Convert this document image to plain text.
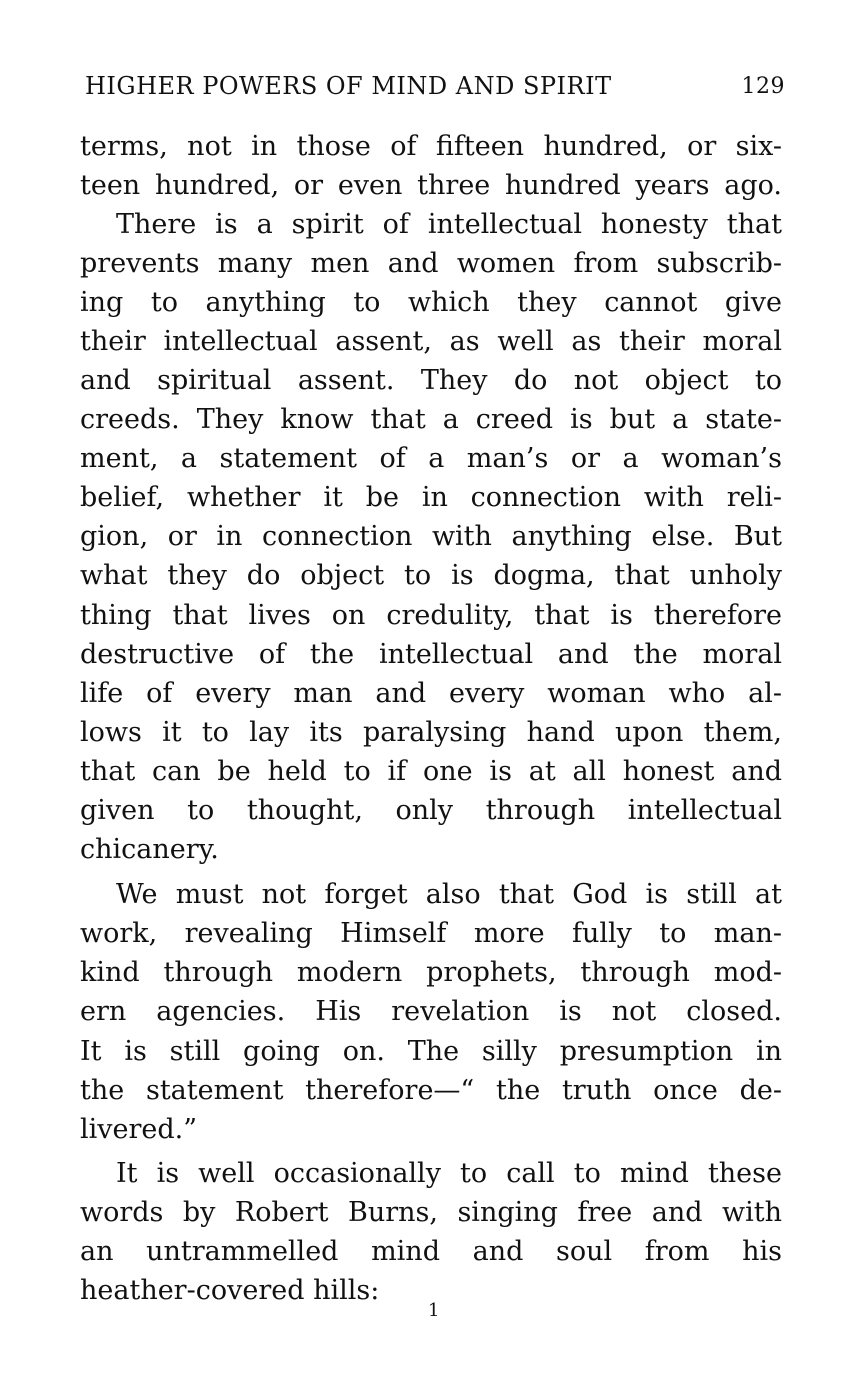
HIGHER POWERS OF MIND AND SPIRIT	129
terms, not in those of fifteen hundred, or six-
teen hundred, or even three hundred years ago.
There is a spirit of intellectual honesty that
prevents many men and women from subscrib-
ing to anything to which they cannot give
their intellectual assent, as well as their moral
and spiritual assent. They do not object to
creeds. They know that a creed is but a state-
ment, a statement of a man’s or a woman’s
belief, whether it be in connection with reli-
gion, or in connection with anything else. But
what they do object to is dogma, that unholy
thing that lives on credulity, that is therefore
destructive of the intellectual and the moral
life of every man and every woman who al-
lows it to lay its paralysing hand upon them,
that can be held to if one is at all honest and
given to thought, only through intellectual
chicanery.
We must not forget also that God is still at
work, revealing Himself more fully to man-
kind through modern prophets, through mod-
ern agencies. His revelation is not closed.
It is still going on. The silly presumption in
the statement therefore—“ the truth once de-
livered.”
It is well occasionally to call to mind these
words by Robert Burns, singing free and with
an untrammelled mind and soul from his
heather-covered hills:
1
